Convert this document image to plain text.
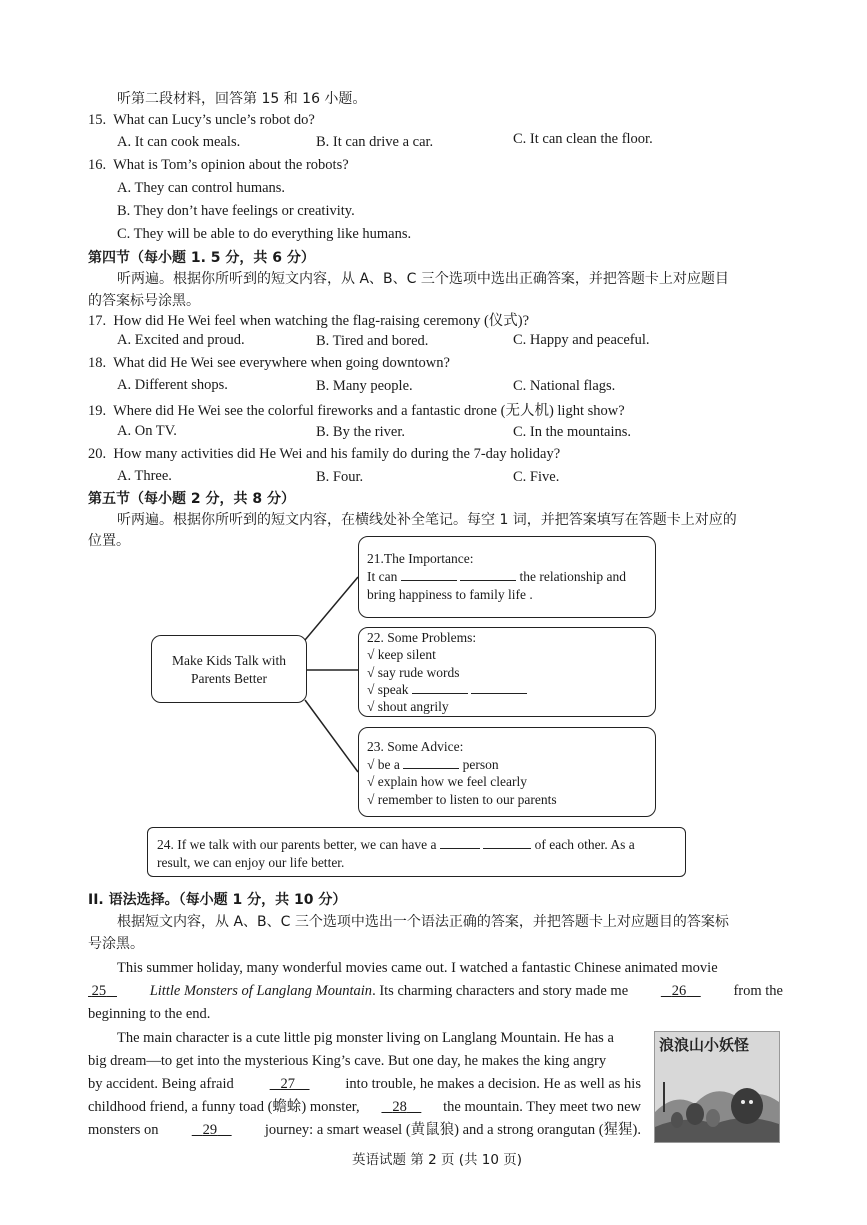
听第二段材料，回答第 15 和 16 小题。
15. What can Lucy’s uncle’s robot do?
A. It can cook meals.	B. It can drive a car.	C. It can clean the floor.
16. What is Tom’s opinion about the robots?
A. They can control humans.
B. They don’t have feelings or creativity.
C. They will be able to do everything like humans.
第四节（每小题 1. 5 分，共 6 分）
听两遍。根据你所听到的短文内容，从 A、B、C 三个选项中选出正确答案，并把答题卡上对应题目
的答案标号涂黑。
17. How did He Wei feel when watching the flag-raising ceremony (仪式)?
A. Excited and proud.	B. Tired and bored.	C. Happy and peaceful.
18. What did He Wei see everywhere when going downtown?
A. Different shops.	B. Many people.	C. National flags.
19. Where did He Wei see the colorful fireworks and a fantastic drone (无人机) light show?
A. On TV.	B. By the river.	C. In the mountains.
20. How many activities did He Wei and his family do during the 7-day holiday?
A. Three.	B. Four.	C. Five.
第五节（每小题 2 分，共 8 分）
听两遍。根据你所听到的短文内容，在横线处补全笔记。每空 1 词，并把答案填写在答题卡上对应的
位置。
Make Kids Talk with
Parents Better
21.The Importance:
It can	the relationship and
bring happiness to family life .
22. Some Problems:
√ keep silent
√ say rude words
√ speak
√ shout angrily
23. Some Advice:
√ be a	person
√ explain how we feel clearly
√ remember to listen to our parents
24. If we talk with our parents better, we can have a	of each other. As a
result, we can enjoy our life better.
II. 语法选择。（每小题 1 分，共 10 分）
根据短文内容，从 A、B、C 三个选项中选出一个语法正确的答案，并把答题卡上对应题目的答案标
号涂黑。
This summer holiday, many wonderful movies came out. I watched a fantastic Chinese animated movie
25	Little Monsters of Langlang Mountain. Its charming characters and story made me	26	from the
beginning to the end.
The main character is a cute little pig monster living on Langlang Mountain. He has a
big dream—to get into the mysterious King’s cave. But one day, he makes the king angry
by accident. Being afraid	27	into trouble, he makes a decision. He as well as his
childhood friend, a funny toad (蟾蜍) monster,	28	the mountain. They meet two new
monsters on	29	journey: a smart weasel (黄鼠狼) and a strong orangutan (猩猩).
浪浪山小妖怪
英语试题 第 2 页 (共 10 页)
